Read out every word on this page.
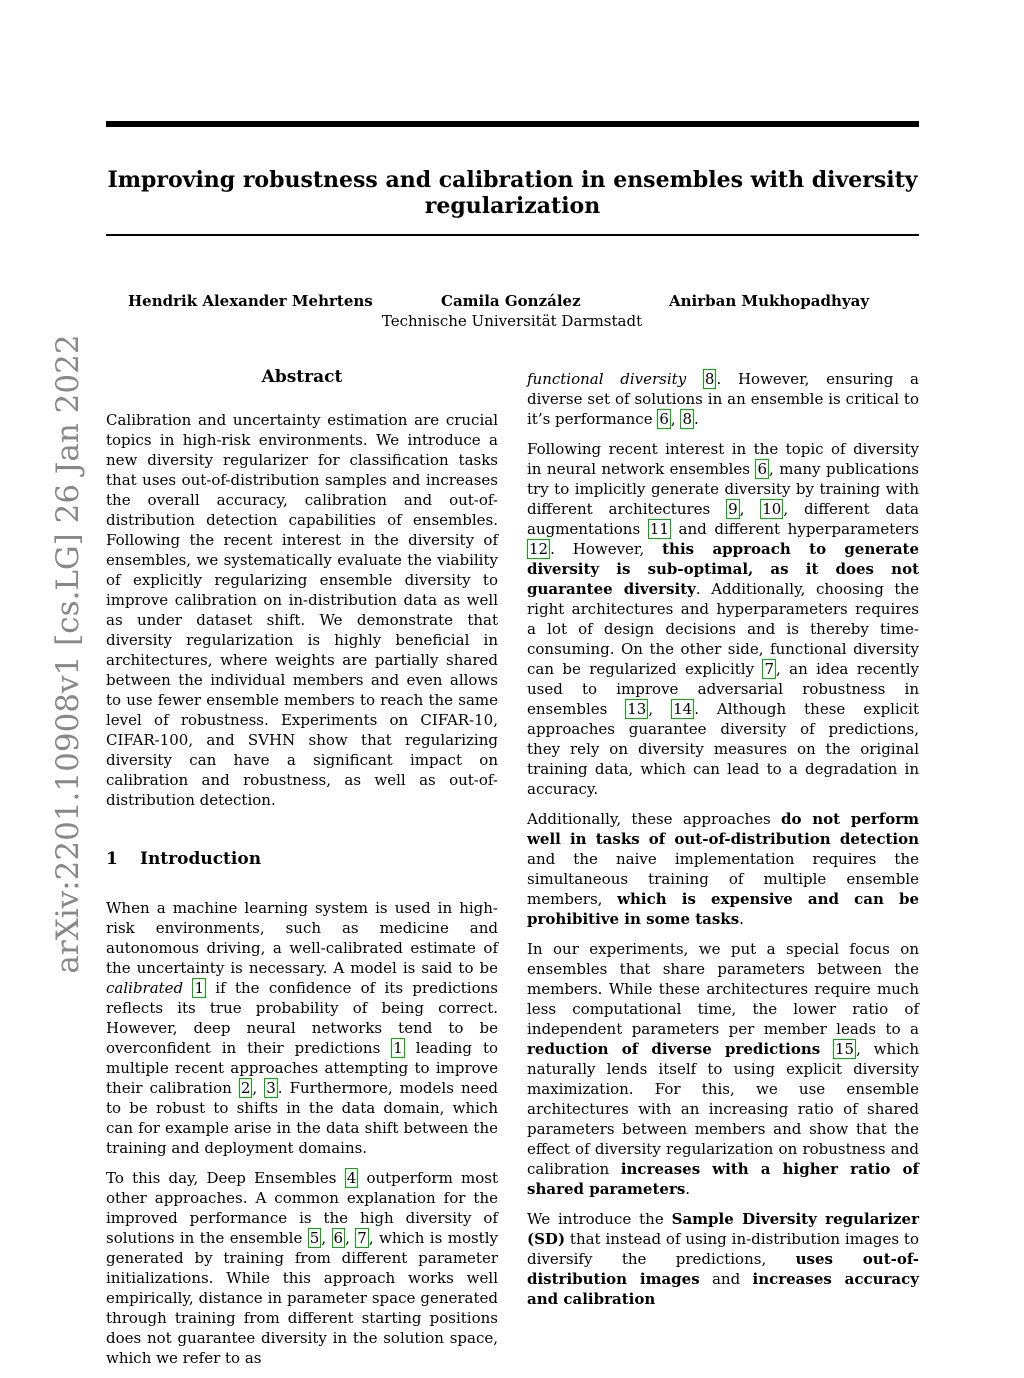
Improving robustness and calibration in ensembles with diversity regularization
Hendrik Alexander Mehrtens	Camila González	Anirban Mukhopadhyay
Technische Universität Darmstadt
arXiv:2201.10908v1 [cs.LG] 26 Jan 2022	Abstract

Calibration and uncertainty estimation are crucial topics in high-risk environments. We introduce a new diversity regularizer for classification tasks that uses out-of-distribution samples and increases the overall accuracy, calibration and out-of-distribution detection capabilities of ensembles. Following the recent interest in the diversity of ensembles, we systematically evaluate the viability of explicitly regularizing ensemble diversity to improve calibration on in-distribution data as well as under dataset shift. We demonstrate that diversity regularization is highly beneficial in architectures, where weights are partially shared between the individual members and even allows to use fewer ensemble members to reach the same level of robustness. Experiments on CIFAR-10, CIFAR-100, and SVHN show that regularizing diversity can have a significant impact on calibration and robustness, as well as out-of-distribution detection.

1 Introduction

When a machine learning system is used in high-risk environments, such as medicine and autonomous driving, a well-calibrated estimate of the uncertainty is necessary. A model is said to be calibrated 1 if the confidence of its predictions reflects its true probability of being correct. However, deep neural networks tend to be overconfident in their predictions 1 leading to multiple recent approaches attempting to improve their calibration 2 , 3 . Furthermore, models need to be robust to shifts in the data domain, which can for example arise in the data shift between the training and deployment domains.

To this day, Deep Ensembles 4 outperform most other approaches. A common explanation for the improved performance is the high diversity of solutions in the ensemble 5 , 6 , 7 , which is mostly generated by training from different parameter initializations. While this approach works well empirically, distance in parameter space generated through training from different starting positions does not guarantee diversity in the solution space, which we refer to as

functional diversity 8 . However, ensuring a diverse set of solutions in an ensemble is critical to it’s performance 6 , 8 .

Following recent interest in the topic of diversity in neural network ensembles 6 , many publications try to implicitly generate diversity by training with different architectures 9 , 10 , different data augmentations 11 and different hyperparameters 12 . However, this approach to generate diversity is sub-optimal, as it does not guarantee diversity. Additionally, choosing the right architectures and hyperparameters requires a lot of design decisions and is thereby time-consuming. On the other side, functional diversity can be regularized explicitly 7 , an idea recently used to improve adversarial robustness in ensembles 13 , 14 . Although these explicit approaches guarantee diversity of predictions, they rely on diversity measures on the original training data, which can lead to a degradation in accuracy.

Additionally, these approaches do not perform well in tasks of out-of-distribution detection and the naive implementation requires the simultaneous training of multiple ensemble members, which is expensive and can be prohibitive in some tasks.

In our experiments, we put a special focus on ensembles that share parameters between the members. While these architectures require much less computational time, the lower ratio of independent parameters per member leads to a reduction of diverse predictions 15 , which naturally lends itself to using explicit diversity maximization. For this, we use ensemble architectures with an increasing ratio of shared parameters between members and show that the effect of diversity regularization on robustness and calibration increases with a higher ratio of shared parameters.

We introduce the Sample Diversity regularizer (SD) that instead of using in-distribution images to diversify the predictions, uses out-of-distribution images and increases accuracy and calibration
